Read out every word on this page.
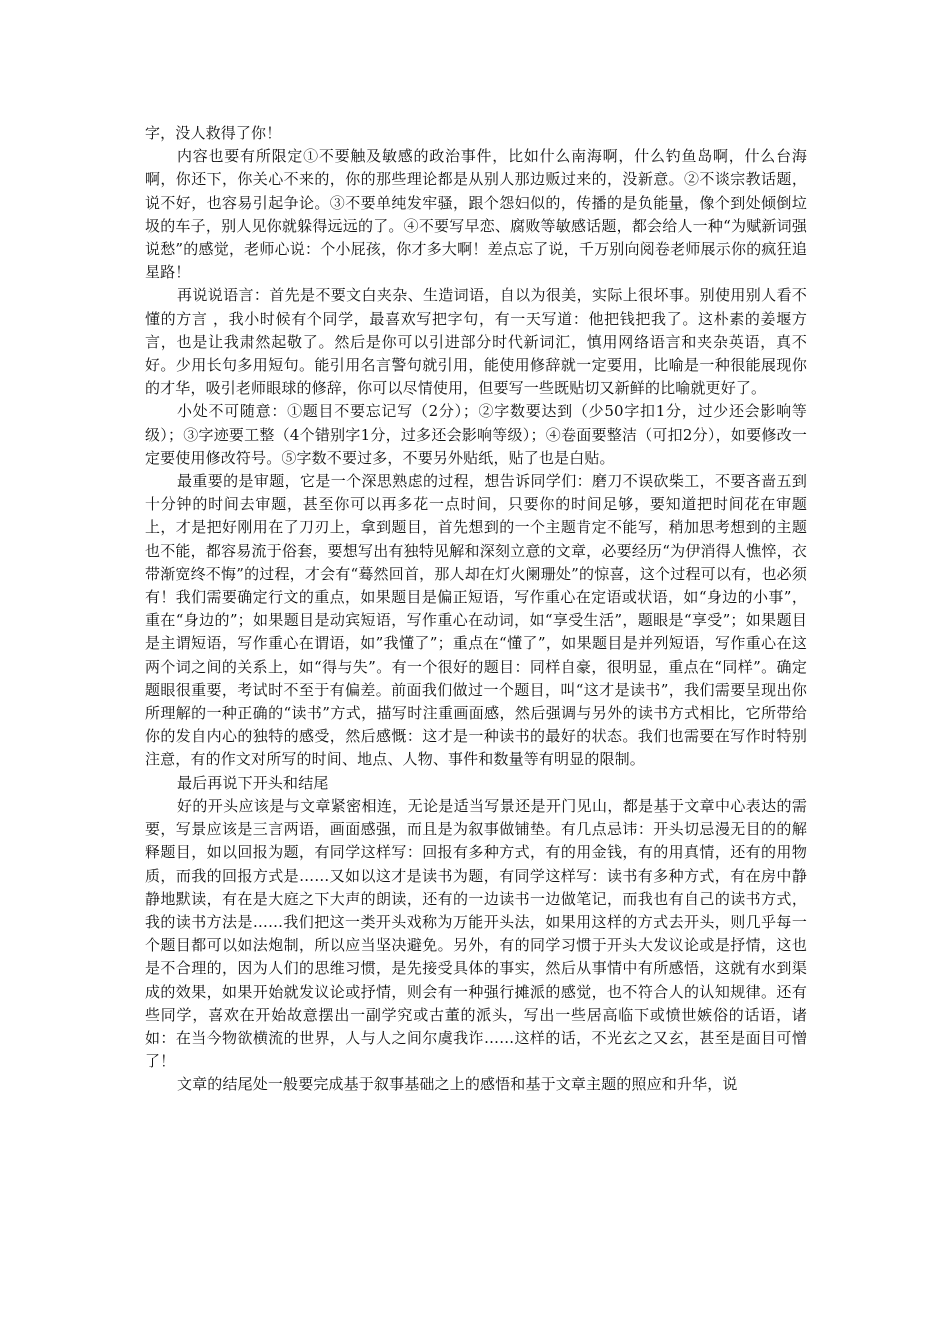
字，没人救得了你！

内容也要有所限定①不要触及敏感的政治事件，比如什么南海啊，什么钓鱼岛啊，什么台海啊，你还下，你关心不来的，你的那些理论都是从别人那边贩过来的，没新意。②不谈宗教话题，说不好，也容易引起争论。③不要单纯发牢骚，跟个怨妇似的，传播的是负能量，像个到处倾倒垃圾的车子，别人见你就躲得远远的了。④不要写早恋、腐败等敏感话题，都会给人一种“为赋新词强说愁”的感觉，老师心说：个小屁孩，你才多大啊！差点忘了说，千万别向阅卷老师展示你的疯狂追星路！

再说说语言：首先是不要文白夹杂、生造词语，自以为很美，实际上很坏事。别使用别人看不懂的方言 ，我小时候有个同学，最喜欢写把字句，有一天写道：他把钱把我了。这朴素的姜堰方言，也是让我肃然起敬了。然后是你可以引进部分时代新词汇，慎用网络语言和夹杂英语，真不好。少用长句多用短句。能引用名言警句就引用，能使用修辞就一定要用，比喻是一种很能展现你的才华，吸引老师眼球的修辞，你可以尽情使用，但要写一些既贴切又新鲜的比喻就更好了。

小处不可随意：①题目不要忘记写（2分）；②字数要达到（少50字扣1分，过少还会影响等级）；③字迹要工整（4个错别字1分，过多还会影响等级）；④卷面要整洁（可扣2分），如要修改一定要使用修改符号。⑤字数不要过多，不要另外贴纸，贴了也是白贴。

最重要的是审题，它是一个深思熟虑的过程，想告诉同学们：磨刀不误砍柴工，不要吝啬五到十分钟的时间去审题，甚至你可以再多花一点时间，只要你的时间足够，要知道把时间花在审题上，才是把好刚用在了刀刃上，拿到题目，首先想到的一个主题肯定不能写，稍加思考想到的主题也不能，都容易流于俗套，要想写出有独特见解和深刻立意的文章，必要经历“为伊消得人憔悴，衣带渐宽终不悔”的过程，才会有“蓦然回首，那人却在灯火阑珊处”的惊喜，这个过程可以有，也必须有！我们需要确定行文的重点，如果题目是偏正短语，写作重心在定语或状语，如“身边的小事”，重在“身边的”；如果题目是动宾短语，写作重心在动词，如“享受生活”，题眼是“享受”；如果题目是主谓短语，写作重心在谓语，如”我懂了”；重点在“懂了”，如果题目是并列短语，写作重心在这两个词之间的关系上，如“得与失”。有一个很好的题目：同样自豪，很明显，重点在“同样”。确定题眼很重要，考试时不至于有偏差。前面我们做过一个题目，叫“这才是读书”，我们需要呈现出你所理解的一种正确的“读书”方式，描写时注重画面感，然后强调与另外的读书方式相比，它所带给你的发自内心的独特的感受，然后感慨：这才是一种读书的最好的状态。我们也需要在写作时特别注意，有的作文对所写的时间、地点、人物、事件和数量等有明显的限制。

最后再说下开头和结尾

好的开头应该是与文章紧密相连，无论是适当写景还是开门见山，都是基于文章中心表达的需要，写景应该是三言两语，画面感强，而且是为叙事做铺垫。有几点忌讳：开头切忌漫无目的的解释题目，如以回报为题，有同学这样写：回报有多种方式，有的用金钱，有的用真情，还有的用物质，而我的回报方式是……又如以这才是读书为题，有同学这样写：读书有多种方式，有在房中静静地默读，有在是大庭之下大声的朗读，还有的一边读书一边做笔记，而我也有自己的读书方式，我的读书方法是……我们把这一类开头戏称为万能开头法，如果用这样的方式去开头，则几乎每一个题目都可以如法炮制，所以应当坚决避免。另外，有的同学习惯于开头大发议论或是抒情，这也是不合理的，因为人们的思维习惯，是先接受具体的事实，然后从事情中有所感悟，这就有水到渠成的效果，如果开始就发议论或抒情，则会有一种强行摊派的感觉，也不符合人的认知规律。还有些同学，喜欢在开始故意摆出一副学究或古董的派头，写出一些居高临下或愤世嫉俗的话语，诸如：在当今物欲横流的世界，人与人之间尔虞我诈……这样的话，不光玄之又玄，甚至是面目可憎了！

文章的结尾处一般要完成基于叙事基础之上的感悟和基于文章主题的照应和升华，说
